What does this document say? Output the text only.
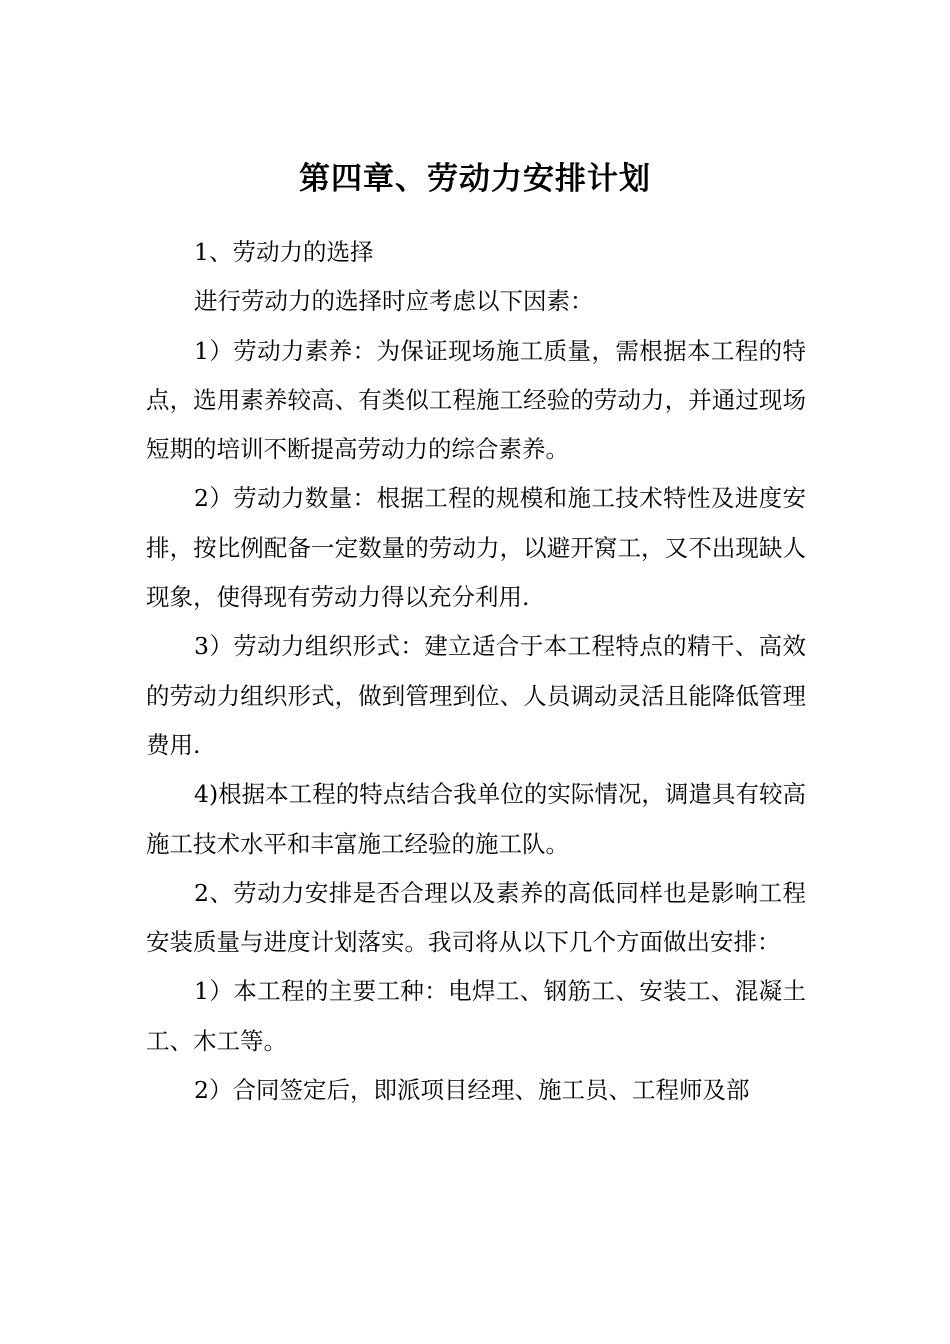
第四章、劳动力安排计划

1、劳动力的选择

进行劳动力的选择时应考虑以下因素：

1）劳动力素养：为保证现场施工质量，需根据本工程的特点，选用素养较高、有类似工程施工经验的劳动力，并通过现场短期的培训不断提高劳动力的综合素养。

2）劳动力数量：根据工程的规模和施工技术特性及进度安排，按比例配备一定数量的劳动力，以避开窝工，又不出现缺人现象，使得现有劳动力得以充分利用.

3）劳动力组织形式：建立适合于本工程特点的精干、高效的劳动力组织形式，做到管理到位、人员调动灵活且能降低管理费用.

4)根据本工程的特点结合我单位的实际情况，调遣具有较高施工技术水平和丰富施工经验的施工队。

2、劳动力安排是否合理以及素养的高低同样也是影响工程安装质量与进度计划落实。我司将从以下几个方面做出安排：

1）本工程的主要工种：电焊工、钢筋工、安装工、混凝土工、木工等。

2）合同签定后，即派项目经理、施工员、工程师及部
